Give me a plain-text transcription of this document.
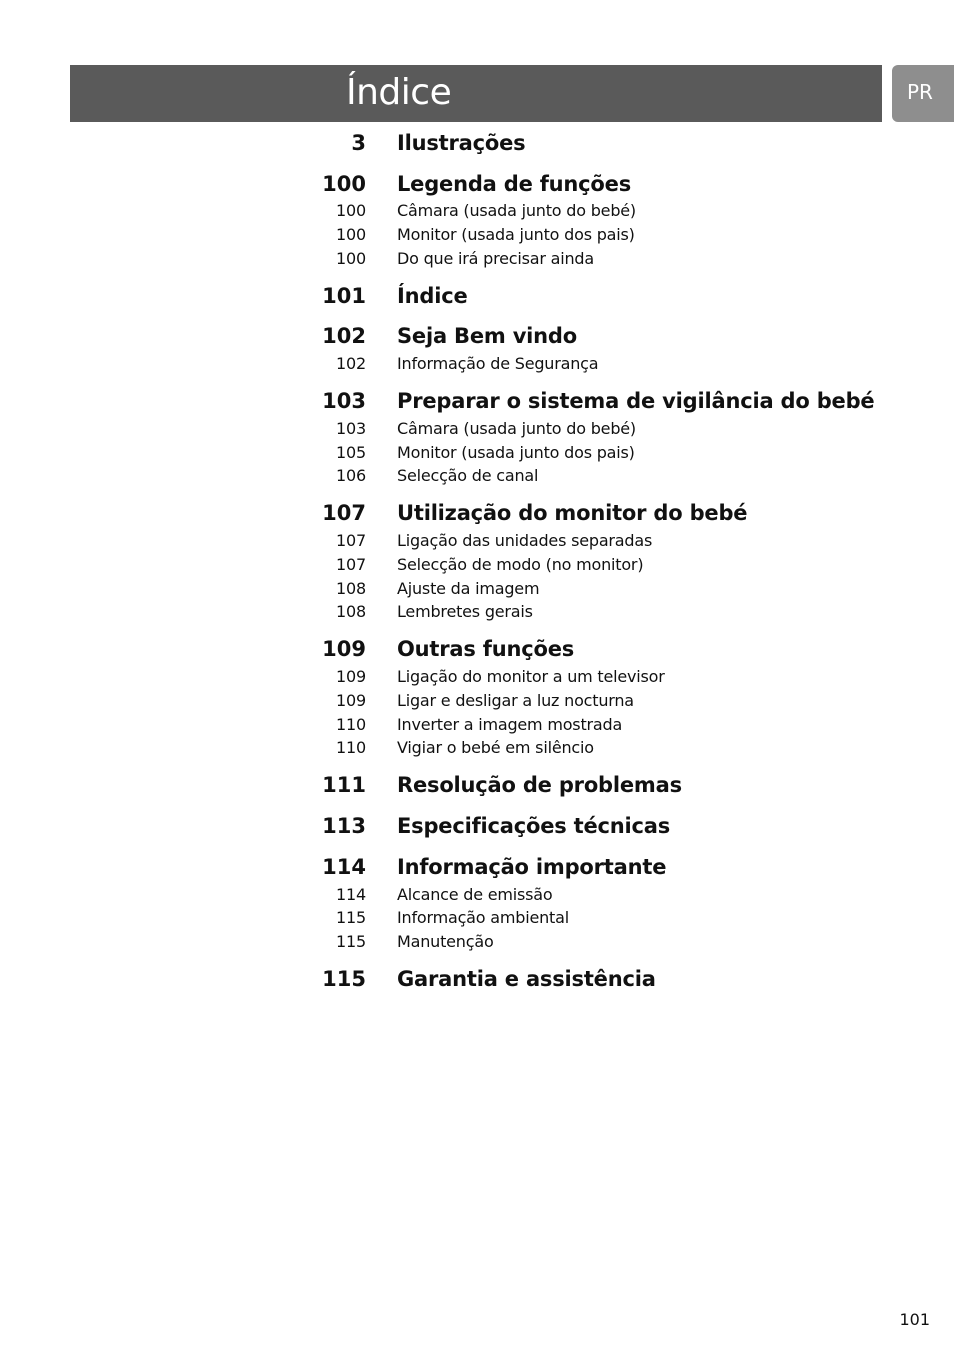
Índice	PR
3 Ilustrações
100 Legenda de funções
100 Câmara (usada junto do bebé)
100 Monitor (usada junto dos pais)
100 Do que irá precisar ainda
101 Índice
102 Seja Bem vindo
102 Informação de Segurança
103 Preparar o sistema de vigilância do bebé
103 Câmara (usada junto do bebé)
105 Monitor (usada junto dos pais)
106 Selecção de canal
107 Utilização do monitor do bebé
107 Ligação das unidades separadas
107 Selecção de modo (no monitor)
108 Ajuste da imagem
108 Lembretes gerais
109 Outras funções
109 Ligação do monitor a um televisor
109 Ligar e desligar a luz nocturna
110 Inverter a imagem mostrada
110 Vigiar o bebé em silêncio
111 Resolução de problemas
113 Especificações técnicas
114 Informação importante
114 Alcance de emissão
115 Informação ambiental
115 Manutenção
115 Garantia e assistência
101
